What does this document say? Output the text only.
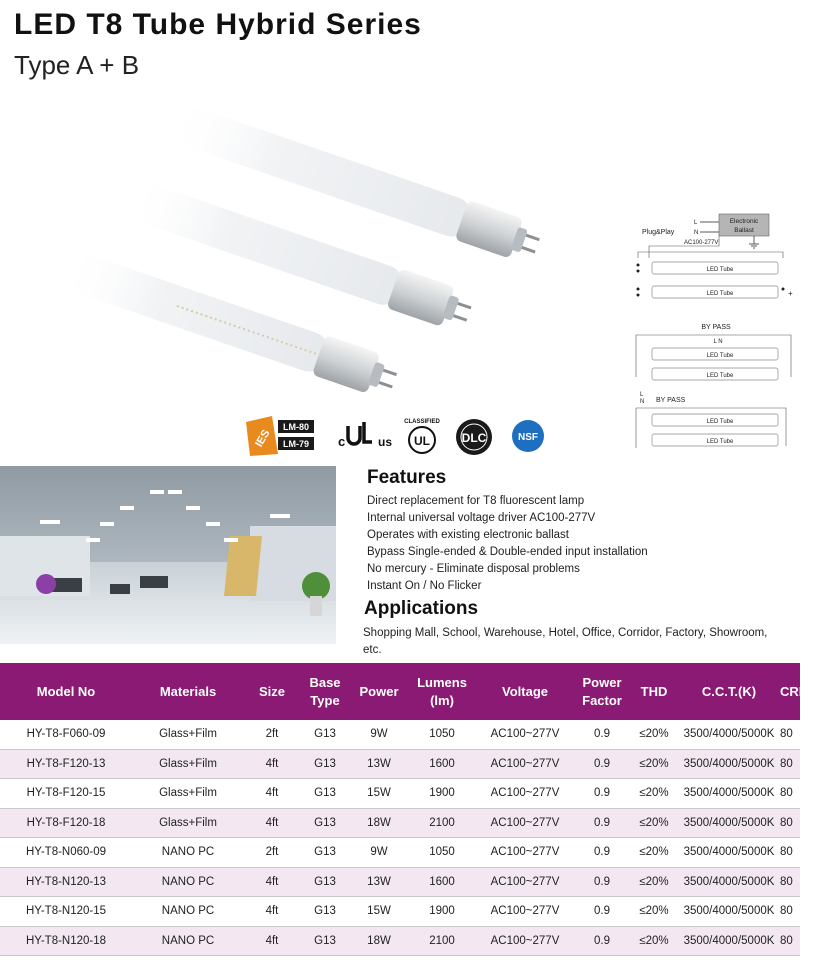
LED T8 Tube Hybrid Series
Type A + B
IES
LM-80
LM-79 c	us
CLASSIFIED
UL	DLC	NSF
Plug&Play
L
N
Electronic
Ballast
AC100-277V
LED Tube
LED Tube	+
BY PASS
L N
LED Tube
LED Tube
L
N BY PASS
LED Tube
LED Tube
Features
Direct replacement for T8 fluorescent lamp
Internal universal voltage driver AC100-277V
Operates with existing electronic ballast
Bypass Single-ended & Double-ended input installation
No mercury - Eliminate disposal problems
Instant On / No Flicker
Applications
Shopping Mall, School, Warehouse, Hotel, Office, Corridor, Factory, Showroom, etc.
Model No	Materials	Size	Base Type	Power	Lumens (lm)	Voltage	Power Factor	THD	C.C.T.(K)	CRI(Ra)
HY-T8-F060-09	Glass+Film	2ft	G13	9W	1050	AC100~277V	0.9	≤20%	3500/4000/5000K	80
HY-T8-F120-13	Glass+Film	4ft	G13	13W	1600	AC100~277V	0.9	≤20%	3500/4000/5000K	80
HY-T8-F120-15	Glass+Film	4ft	G13	15W	1900	AC100~277V	0.9	≤20%	3500/4000/5000K	80
HY-T8-F120-18	Glass+Film	4ft	G13	18W	2100	AC100~277V	0.9	≤20%	3500/4000/5000K	80
HY-T8-N060-09	NANO PC	2ft	G13	9W	1050	AC100~277V	0.9	≤20%	3500/4000/5000K	80
HY-T8-N120-13	NANO PC	4ft	G13	13W	1600	AC100~277V	0.9	≤20%	3500/4000/5000K	80
HY-T8-N120-15	NANO PC	4ft	G13	15W	1900	AC100~277V	0.9	≤20%	3500/4000/5000K	80
HY-T8-N120-18	NANO PC	4ft	G13	18W	2100	AC100~277V	0.9	≤20%	3500/4000/5000K	80
